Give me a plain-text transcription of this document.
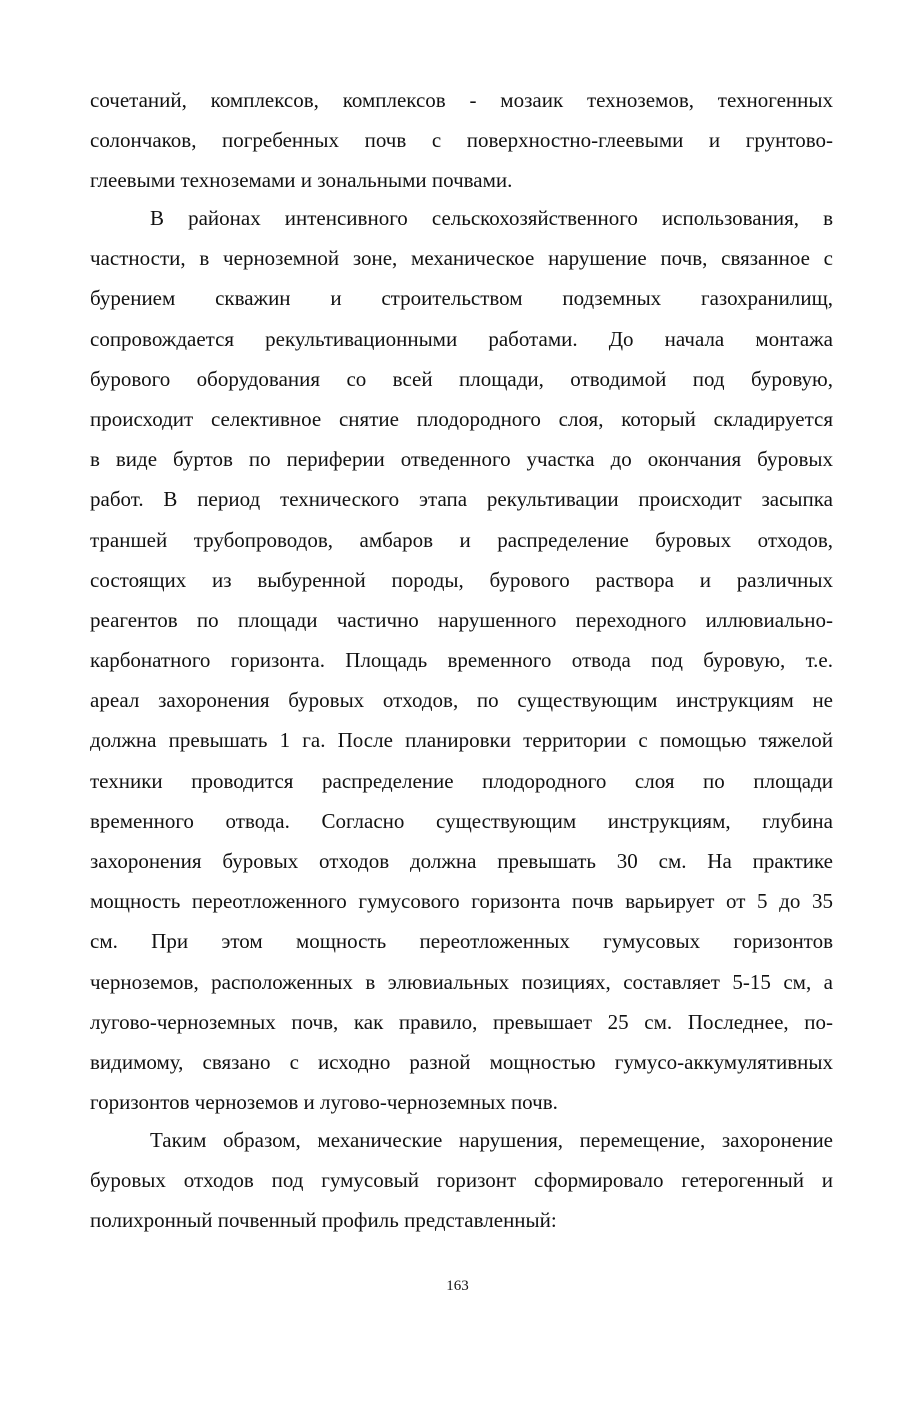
сочетаний, комплексов, комплексов - мозаик техноземов, техногенных
солончаков, погребенных почв с поверхностно-глеевыми и грунтово-
глеевыми техноземами и зональными почвами.
В районах интенсивного сельскохозяйственного использования, в
частности, в черноземной зоне, механическое нарушение почв, связанное с
бурением скважин и строительством подземных газохранилищ,
сопровождается рекультивационными работами. До начала монтажа
бурового оборудования со всей площади, отводимой под буровую,
происходит селективное снятие плодородного слоя, который складируется
в виде буртов по периферии отведенного участка до окончания буровых
работ. В период технического этапа рекультивации происходит засыпка
траншей трубопроводов, амбаров и распределение буровых отходов,
состоящих из выбуренной породы, бурового раствора и различных
реагентов по площади частично нарушенного переходного иллювиально-
карбонатного горизонта. Площадь временного отвода под буровую, т.е.
ареал захоронения буровых отходов, по существующим инструкциям не
должна превышать 1 га. После планировки территории с помощью тяжелой
техники проводится распределение плодородного слоя по площади
временного отвода. Согласно существующим инструкциям, глубина
захоронения буровых отходов должна превышать 30 см. На практике
мощность переотложенного гумусового горизонта почв варьирует от 5 до 35
см. При этом мощность переотложенных гумусовых горизонтов
черноземов, расположенных в элювиальных позициях, составляет 5-15 см, а
лугово-черноземных почв, как правило, превышает 25 см. Последнее, по-
видимому, связано с исходно разной мощностью гумусо-аккумулятивных
горизонтов черноземов и лугово-черноземных почв.
Таким образом, механические нарушения, перемещение, захоронение
буровых отходов под гумусовый горизонт сформировало гетерогенный и
полихронный почвенный профиль представленный:
163
